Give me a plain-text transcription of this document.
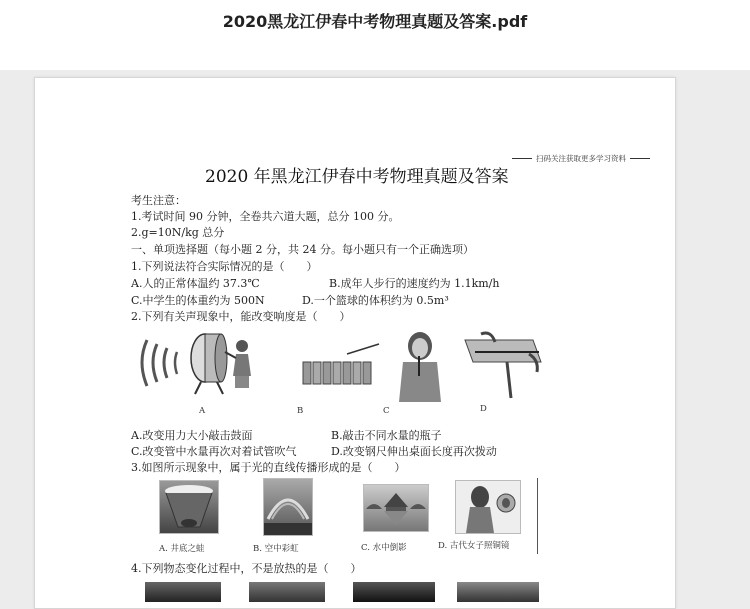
2020黑龙江伊春中考物理真题及答案.pdf
扫码关注获取更多学习资料
2020 年黑龙江伊春中考物理真题及答案
考生注意：
1.考试时间 90 分钟，全卷共六道大题，总分 100 分。
2.g=10N/kg 总分
一、单项选择题（每小题 2 分，共 24 分。每小题只有一个正确选项）
1.下列说法符合实际情况的是（　　）
A.人的正常体温约 37.3℃	B.成年人步行的速度约为 1.1km/h
C.中学生的体重约为 500N	D.一个篮球的体积约为 0.5m³
2.下列有关声现象中，能改变响度是（　　）
A	B	C	D
A.改变用力大小敲击鼓面	B.敲击不同水量的瓶子
C.改变管中水量再次对着试管吹气	D.改变钢尺伸出桌面长度再次拨动
3.如图所示现象中，属于光的直线传播形成的是（　　）
A. 井底之蛙	B. 空中彩虹	C. 水中倒影	D. 古代女子照铜镜
4.下列物态变化过程中，不是放热的是（　　）
